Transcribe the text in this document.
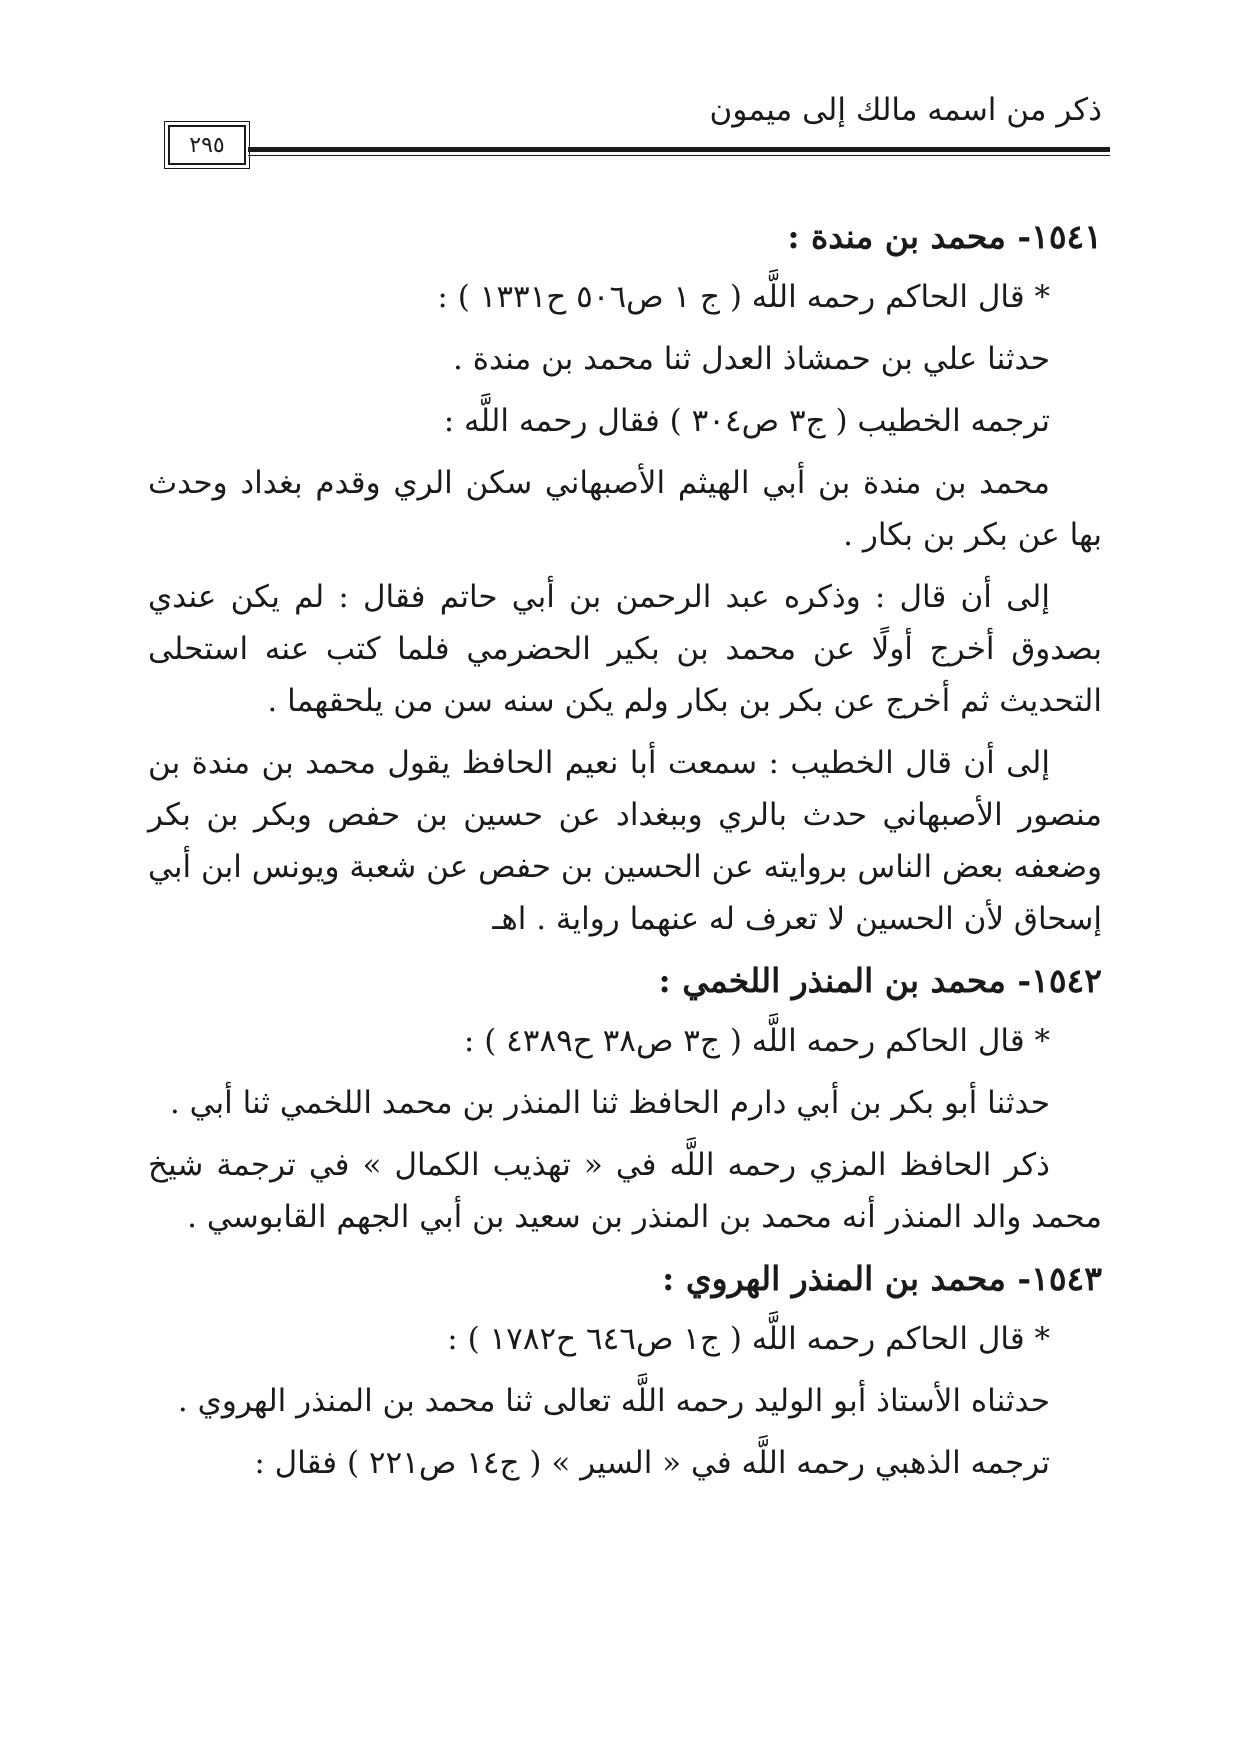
ذكر من اسمه مالك إلى ميمون
٢٩٥
١٥٤١- محمد بن مندة :
* قال الحاكم رحمه اللَّه ( ج ١ ص٥٠٦ ح١٣٣١ ) :
حدثنا علي بن حمشاذ العدل ثنا محمد بن مندة .
ترجمه الخطيب ( ج٣ ص٣٠٤ ) فقال رحمه اللَّه :
محمد بن مندة بن أبي الهيثم الأصبهاني سكن الري وقدم بغداد وحدث بها عن بكر بن بكار .
إلى أن قال : وذكره عبد الرحمن بن أبي حاتم فقال : لم يكن عندي بصدوق أخرج أولًا عن محمد بن بكير الحضرمي فلما كتب عنه استحلى التحديث ثم أخرج عن بكر بن بكار ولم يكن سنه سن من يلحقهما .
إلى أن قال الخطيب : سمعت أبا نعيم الحافظ يقول محمد بن مندة بن منصور الأصبهاني حدث بالري وببغداد عن حسين بن حفص وبكر بن بكر وضعفه بعض الناس بروايته عن الحسين بن حفص عن شعبة ويونس ابن أبي إسحاق لأن الحسين لا تعرف له عنهما رواية . اهـ
١٥٤٢- محمد بن المنذر اللخمي :
* قال الحاكم رحمه اللَّه ( ج٣ ص٣٨ ح٤٣٨٩ ) :
حدثنا أبو بكر بن أبي دارم الحافظ ثنا المنذر بن محمد اللخمي ثنا أبي .
ذكر الحافظ المزي رحمه اللَّه في « تهذيب الكمال » في ترجمة شيخ محمد والد المنذر أنه محمد بن المنذر بن سعيد بن أبي الجهم القابوسي .
١٥٤٣- محمد بن المنذر الهروي :
* قال الحاكم رحمه اللَّه ( ج١ ص٦٤٦ ح١٧٨٢ ) :
حدثناه الأستاذ أبو الوليد رحمه اللَّه تعالى ثنا محمد بن المنذر الهروي .
ترجمه الذهبي رحمه اللَّه في « السير » ( ج١٤ ص٢٢١ ) فقال :
